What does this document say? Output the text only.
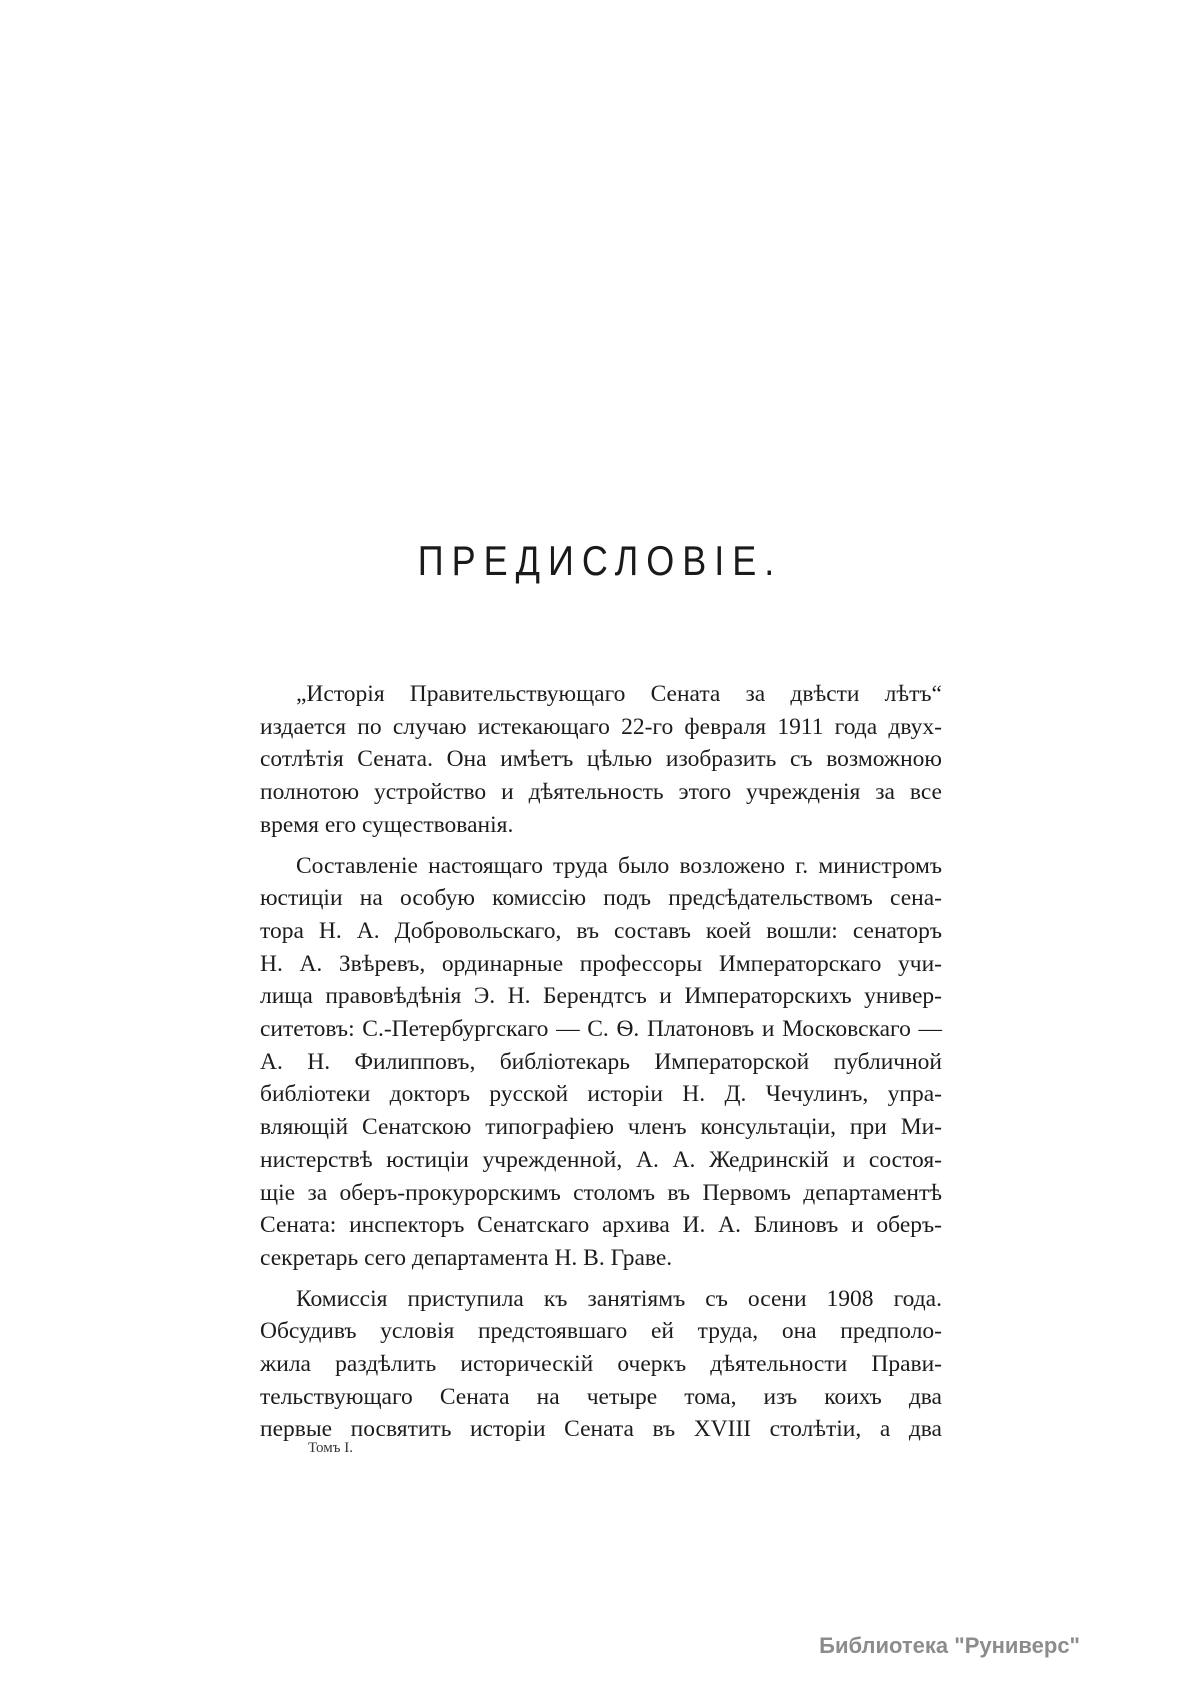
ПРЕДИСЛОВІЕ.
„Исторія Правительствующаго Сената за двѣсти лѣтъ“
издается по случаю истекающаго 22-го февраля 1911 года двух-
сотлѣтія Сената. Она имѣетъ цѣлью изобразить съ возможною
полнотою устройство и дѣятельность этого учрежденія за все
время его существованія.
Составленіе настоящаго труда было возложено г. министромъ
юстиціи на особую комиссію подъ предсѣдательствомъ сена-
тора Н. А. Добровольскаго, въ составъ коей вошли: сенаторъ
Н. А. Звѣревъ, ординарные профессоры Императорскаго учи-
лища правовѣдѣнія Э. Н. Берендтсъ и Императорскихъ универ-
ситетовъ: С.-Петербургскаго — С. Ѳ. Платоновъ и Московскаго —
А. Н. Филипповъ, библіотекарь Императорской публичной
библіотеки докторъ русской исторіи Н. Д. Чечулинъ, упра-
вляющій Сенатскою типографіею членъ консультаціи, при Ми-
нистерствѣ юстиціи учрежденной, А. А. Жедринскій и состоя-
щіе за оберъ-прокурорскимъ столомъ въ Первомъ департаментѣ
Сената: инспекторъ Сенатскаго архива И. А. Блиновъ и оберъ-
секретарь сего департамента Н. В. Граве.
Комиссія приступила къ занятіямъ съ осени 1908 года.
Обсудивъ условія предстоявшаго ей труда, она предполо-
жила раздѣлить историческій очеркъ дѣятельности Прави-
тельствующаго Сената на четыре тома, изъ коихъ два
первые посвятить исторіи Сената въ XVIII столѣтіи, а два
Томъ I.
Библиотека "Руниверс"
